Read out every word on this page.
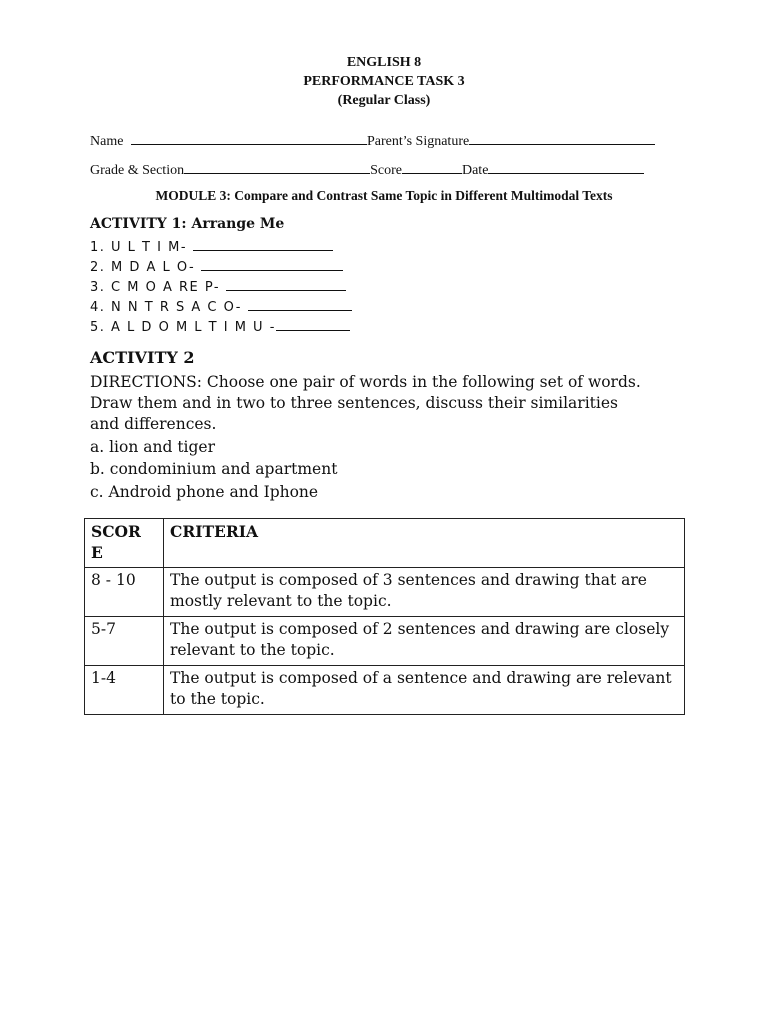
ENGLISH 8
PERFORMANCE TASK 3
(Regular Class)
Name	Parent’s Signature
Grade & Section	Score	Date
MODULE 3: Compare and Contrast Same Topic in Different Multimodal Texts
ACTIVITY 1: Arrange Me
1. U L T I M-
2. M D A L O-
3. C M O A RE P-
4. N N T R S A C O-
5. A L D O M L T I M U -
ACTIVITY 2
DIRECTIONS: Choose one pair of words in the following set of words. Draw them and in two to three sentences, discuss their similarities and differences.
a. lion and tiger
b. condominium and apartment
c. Android phone and Iphone
SCOR E	CRITERIA
8 - 10	The output is composed of 3 sentences and drawing that are mostly relevant to the topic.
5-7	The output is composed of 2 sentences and drawing are closely relevant to the topic.
1-4	The output is composed of a sentence and drawing are relevant to the topic.
